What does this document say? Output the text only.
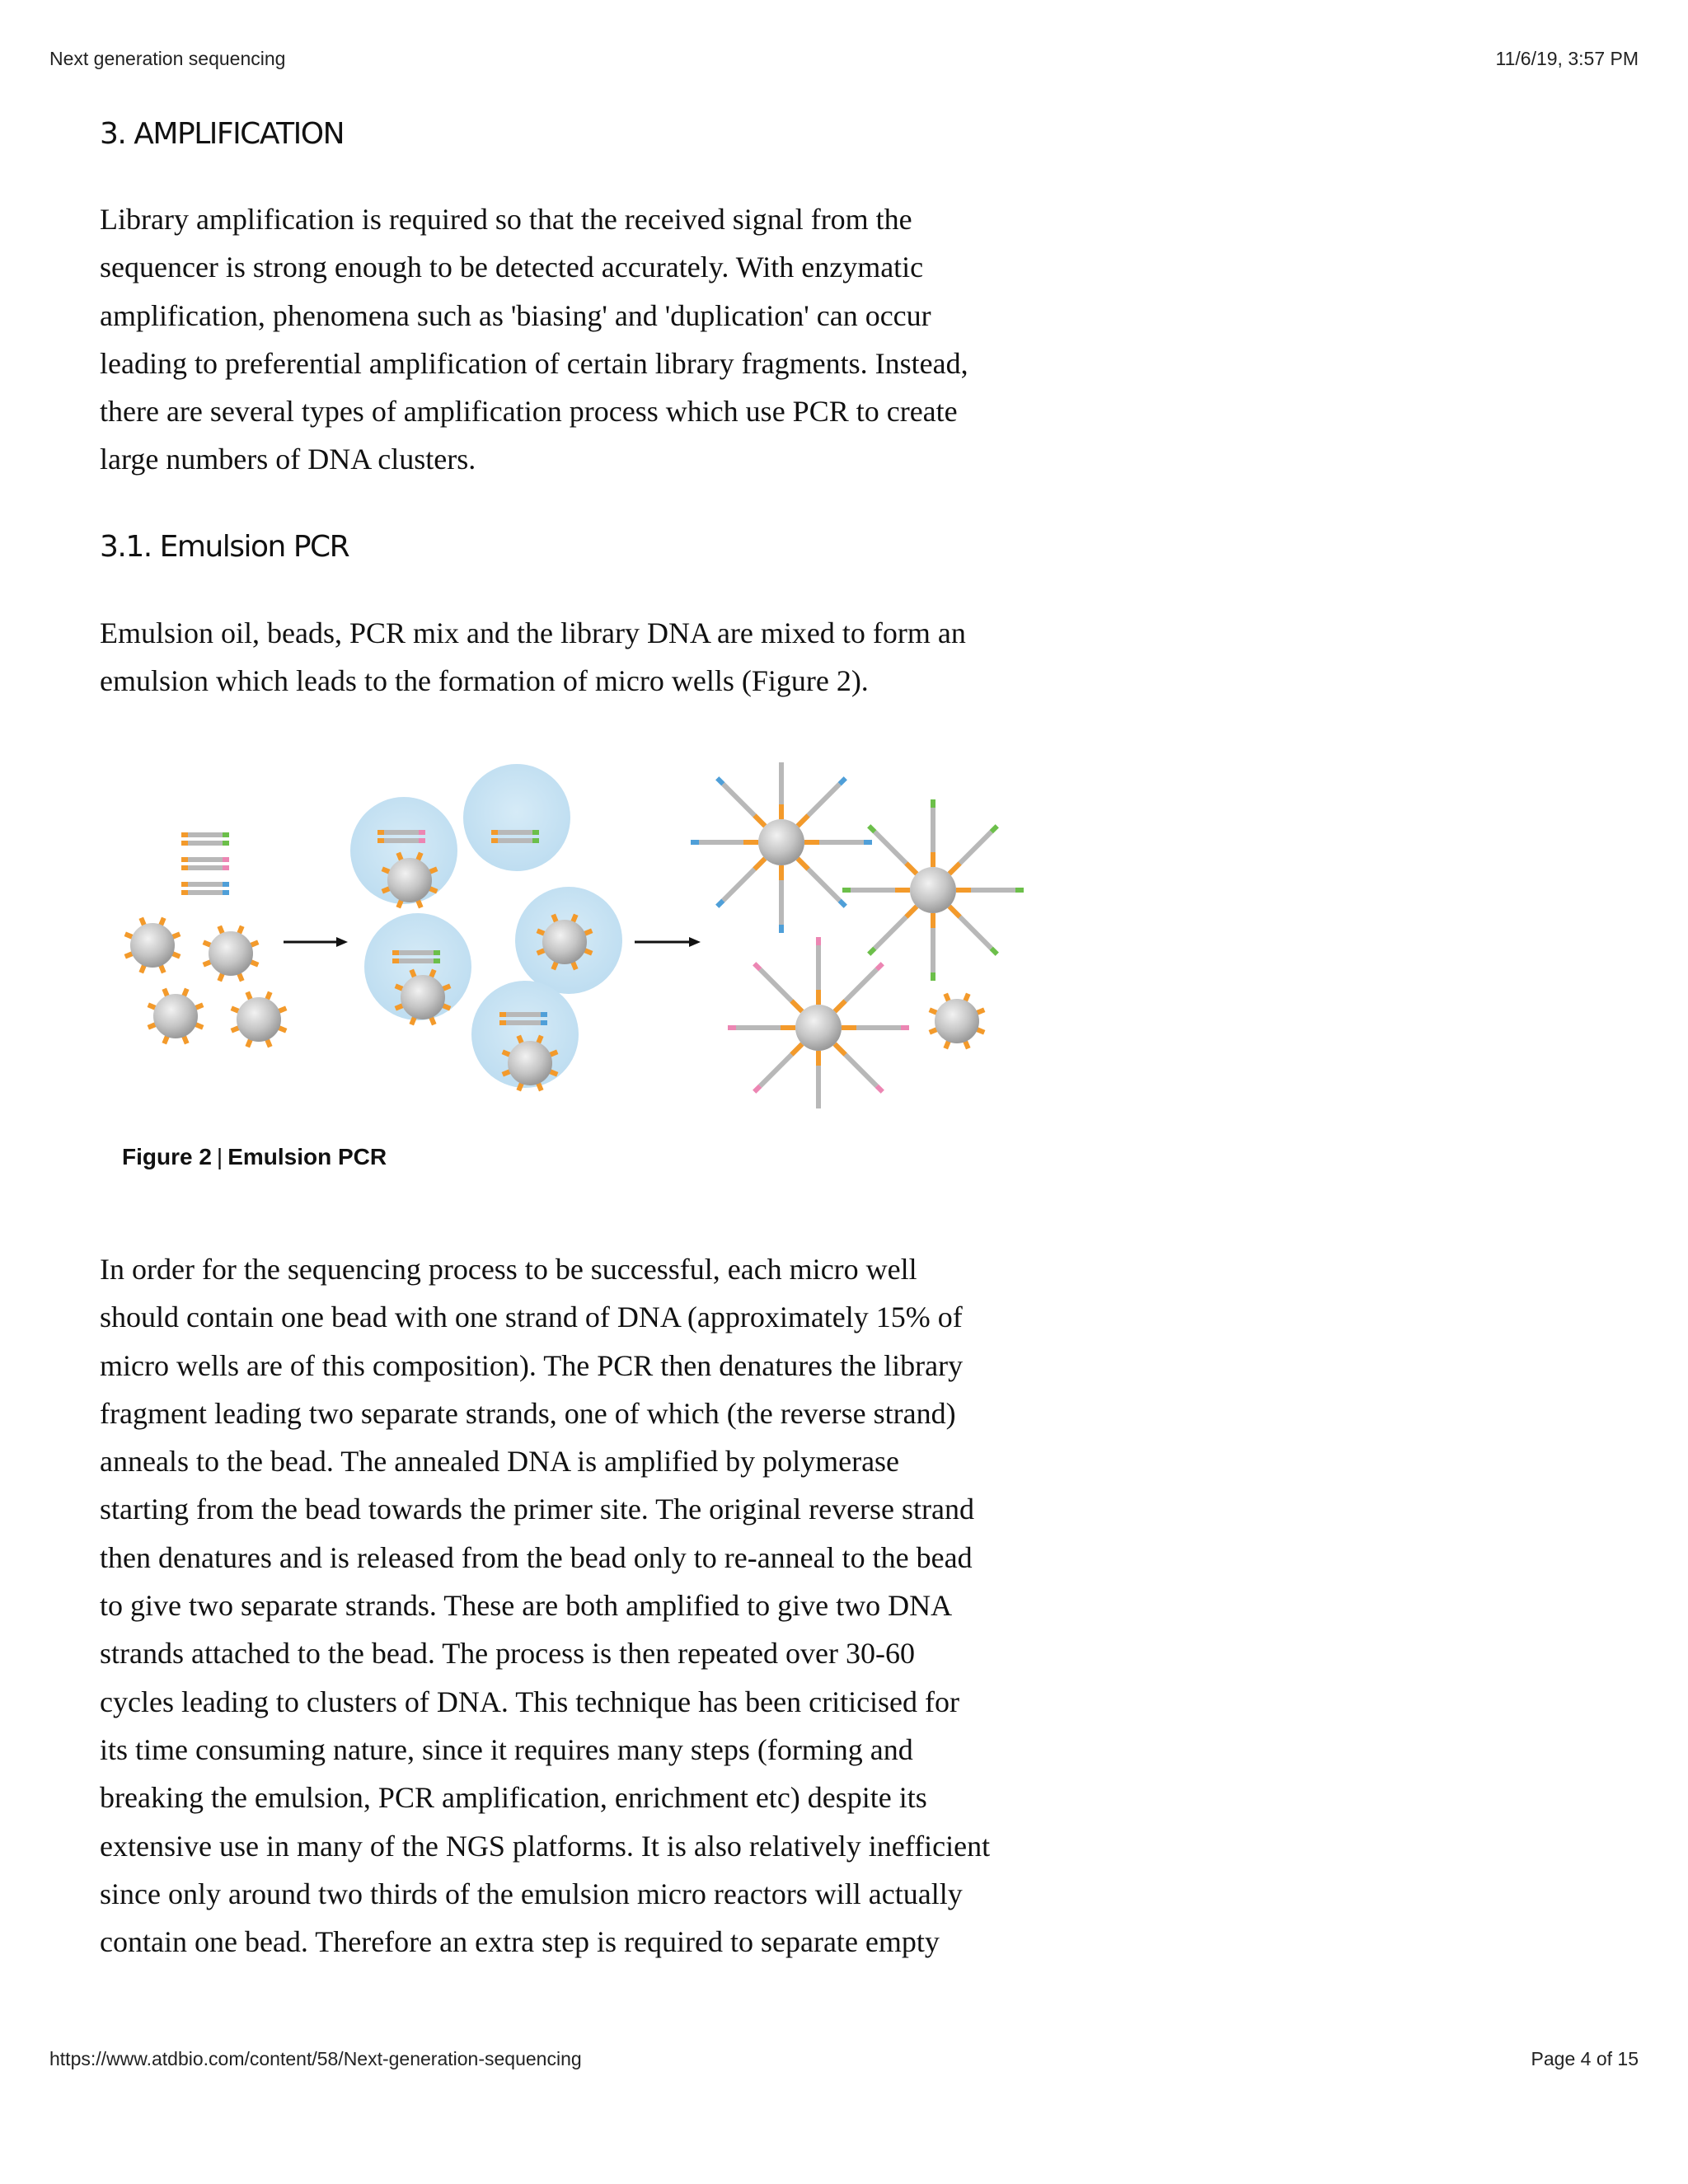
Next generation sequencing	11/6/19, 3:57 PM
3. AMPLIFICATION

Library amplification is required so that the received signal from the
sequencer is strong enough to be detected accurately. With enzymatic
amplification, phenomena such as 'biasing' and 'duplication' can occur
leading to preferential amplification of certain library fragments. Instead,
there are several types of amplification process which use PCR to create
large numbers of DNA clusters.

3.1. Emulsion PCR

Emulsion oil, beads, PCR mix and the library DNA are mixed to form an
emulsion which leads to the formation of micro wells (Figure 2).

In order for the sequencing process to be successful, each micro well
should contain one bead with one strand of DNA (approximately 15% of
micro wells are of this composition). The PCR then denatures the library
fragment leading two separate strands, one of which (the reverse strand)
anneals to the bead. The annealed DNA is amplified by polymerase
starting from the bead towards the primer site. The original reverse strand
then denatures and is released from the bead only to re-anneal to the bead
to give two separate strands. These are both amplified to give two DNA
strands attached to the bead. The process is then repeated over 30-60
cycles leading to clusters of DNA. This technique has been criticised for
its time consuming nature, since it requires many steps (forming and
breaking the emulsion, PCR amplification, enrichment etc) despite its
extensive use in many of the NGS platforms. It is also relatively inefficient
since only around two thirds of the emulsion micro reactors will actually
contain one bead. Therefore an extra step is required to separate empty

Figure 2 | Emulsion PCR
https://www.atdbio.com/content/58/Next-generation-sequencing	Page 4 of 15
